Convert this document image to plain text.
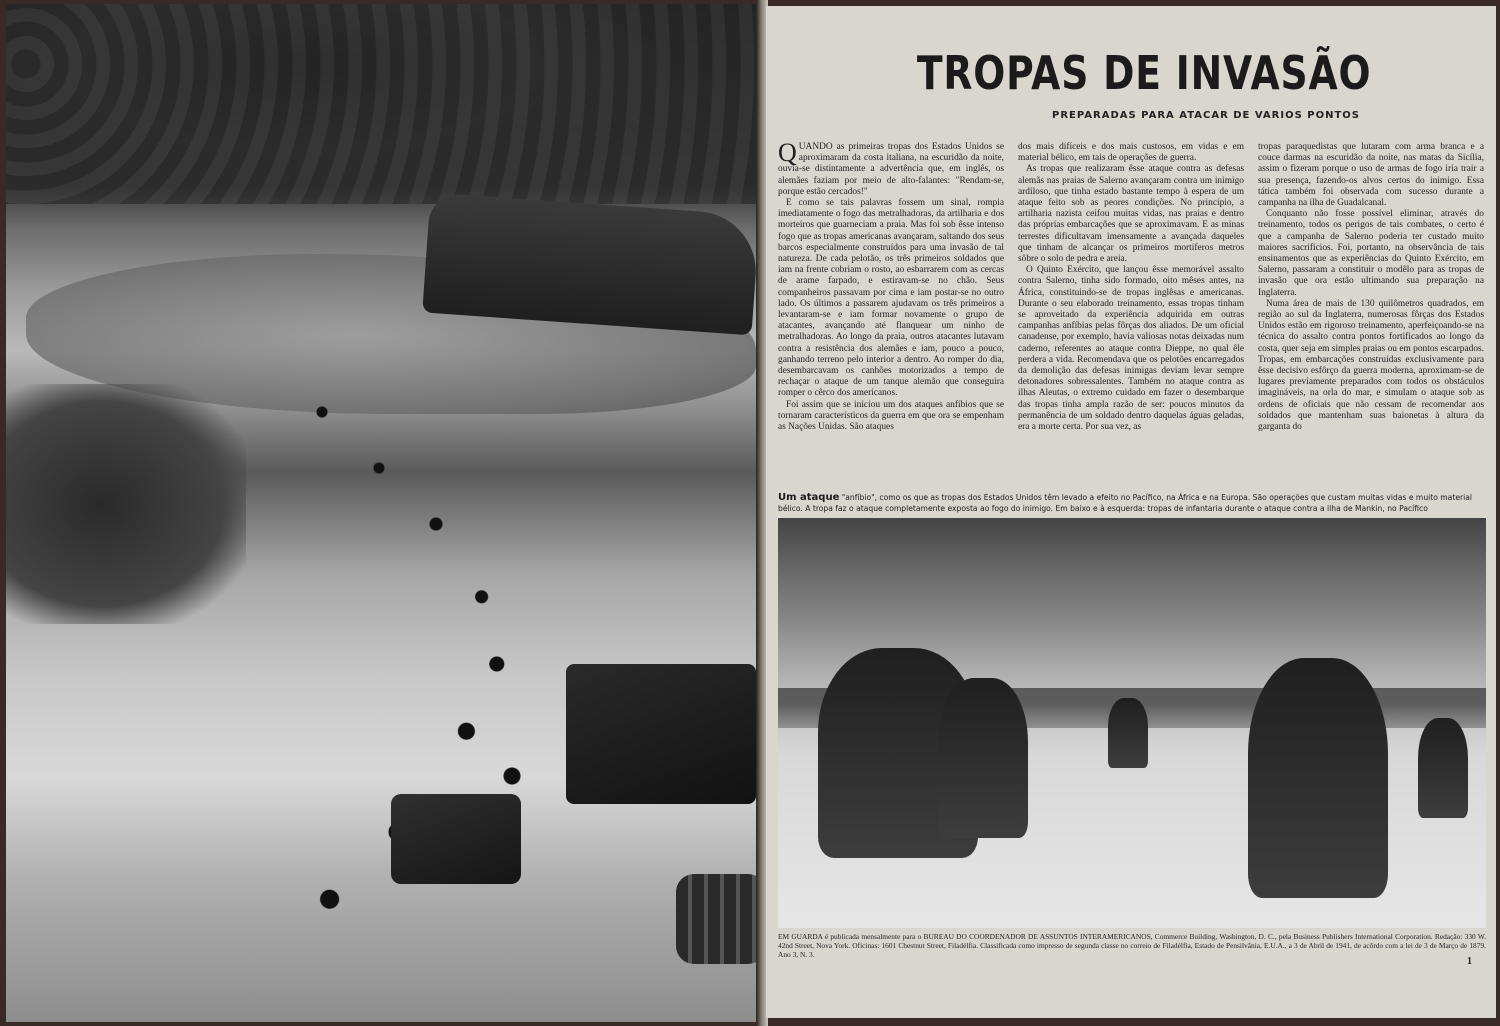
TROPAS DE INVASÃO
PREPARADAS PARA ATACAR DE VARIOS PONTOS

QUANDO as primeiras tropas dos Estados Unidos se aproximaram da costa italiana, na escuridão da noite, ouvia-se distintamente a advertência que, em inglês, os alemães faziam por meio de alto-falantes: "Rendam-se, porque estão cercados!"

E como se tais palavras fossem um sinal, rompia imediatamente o fogo das metralhadoras, da artilharia e dos morteiros que guarneciam a praia. Mas foi sob êsse intenso fogo que as tropas americanas avançaram, saltando dos seus barcos especialmente construídos para uma invasão de tal natureza. De cada pelotão, os três primeiros soldados que iam na frente cobriam o rosto, ao esbarrarem com as cercas de arame farpado, e estiravam-se no chão. Seus companheiros passavam por cima e iam postar-se no outro lado. Os últimos a passarem ajudavam os três primeiros a levantaram-se e iam formar novamente o grupo de atacantes, avançando até flanquear um ninho de metralhadoras. Ao longo da praia, outros atacantes lutavam contra a resistência dos alemães e iam, pouco a pouco, ganhando terreno pelo interior a dentro. Ao romper do dia, desembarcavam os canhões motorizados a tempo de rechaçar o ataque de um tanque alemão que conseguira romper o cêrco dos americanos.

Foi assim que se iniciou um dos ataques anfíbios que se tornaram característicos da guerra em que ora se empenham as Nações Unidas. São ataques

dos mais difíceis e dos mais custosos, em vidas e em material bélico, em tais de operações de guerra.

As tropas que realizaram êsse ataque contra as defesas alemãs nas praias de Salerno avançaram contra um inimigo ardiloso, que tinha estado bastante tempo à espera de um ataque feito sob as peores condições. No princípio, a artilharia nazista ceifou muitas vidas, nas praias e dentro das próprias embarcações que se aproximavam. E as minas terrestes dificultavam imensamente a avançada daqueles que tinham de alcançar os primeiros mortíferos metros sôbre o solo de pedra e areia.

O Quinto Exército, que lançou êsse memorável assalto contra Salerno, tinha sido formado, oito mêses antes, na África, constituindo-se de tropas inglêsas e americanas. Durante o seu elaborado treinamento, essas tropas tinham se aproveitado da experiência adquirida em outras campanhas anfíbias pelas fôrças dos aliados. De um oficial canadense, por exemplo, havia valiosas notas deixadas num caderno, referentes ao ataque contra Dieppe, no qual êle perdera a vida. Recomendava que os pelotões encarregados da demolição das defesas inimigas deviam levar sempre detonadores sobressalentes. Também no ataque contra as ilhas Aleutas, o extremo cuidado em fazer o desembarque das tropas tinha ampla razão de ser: poucos minutos da permanência de um soldado dentro daquelas águas geladas, era a morte certa. Por sua vez, as

tropas paraquedistas que lutaram com arma branca e a couce darmas na escuridão da noite, nas matas da Sicília, assim o fizeram porque o uso de armas de fogo iria trair a sua presença, fazendo-os alvos certos do inimigo. Essa tática também foi observada com sucesso durante a campanha na ilha de Guadalcanal.

Conquanto não fosse possível eliminar, através do treinamento, todos os perigos de tais combates, o certo é que a campanha de Salerno poderia ter custado muito maiores sacrifícios. Foi, portanto, na observância de tais ensinamentos que as experiências do Quinto Exército, em Salerno, passaram a constituir o modêlo para as tropas de invasão que ora estão ultimando sua preparação na Inglaterra.

Numa área de mais de 130 quilômetros quadrados, em região ao sul da Inglaterra, numerosas fôrças dos Estados Unidos estão em rigoroso treinamento, aperfeiçoando-se na técnica do assalto contra pontos fortificados ao longo da costa, quer seja em simples praias ou em pontos escarpados. Tropas, em embarcações construídas exclusivamente para êsse decisivo esfôrço da guerra moderna, aproximam-se de lugares previamente preparados com todos os obstáculos imagináveis, na orla do mar, e simulam o ataque sob as ordens de oficiais que não cessam de recomendar aos soldados que mantenham suas baionetas à altura da garganta do

Um ataque "anfíbio", como os que as tropas dos Estados Unidos têm levado a efeito no Pacífico, na África e na Europa. São operações que custam muitas vidas e muito material bélico. A tropa faz o ataque completamente exposta ao fogo do inimigo. Em baixo e à esquerda: tropas de infantaria durante o ataque contra a ilha de Mankin, no Pacífico
EM GUARDA é publicada mensalmente para o BUREAU DO COORDENADOR DE ASSUNTOS INTERAMERICANOS, Commerce Building, Washington, D. C., pela Business Publishers International Corporation. Redação: 330 W. 42nd Street, Nova York. Oficinas: 1601 Chestnut Street, Filadélfia. Classificada como impresso de segunda classe no correio de Filadélfia, Estado de Pensilvânia, E.U.A., a 3 de Abril de 1941, de acôrdo com a lei de 3 de Março de 1879. Ano 3, N. 3.
1
